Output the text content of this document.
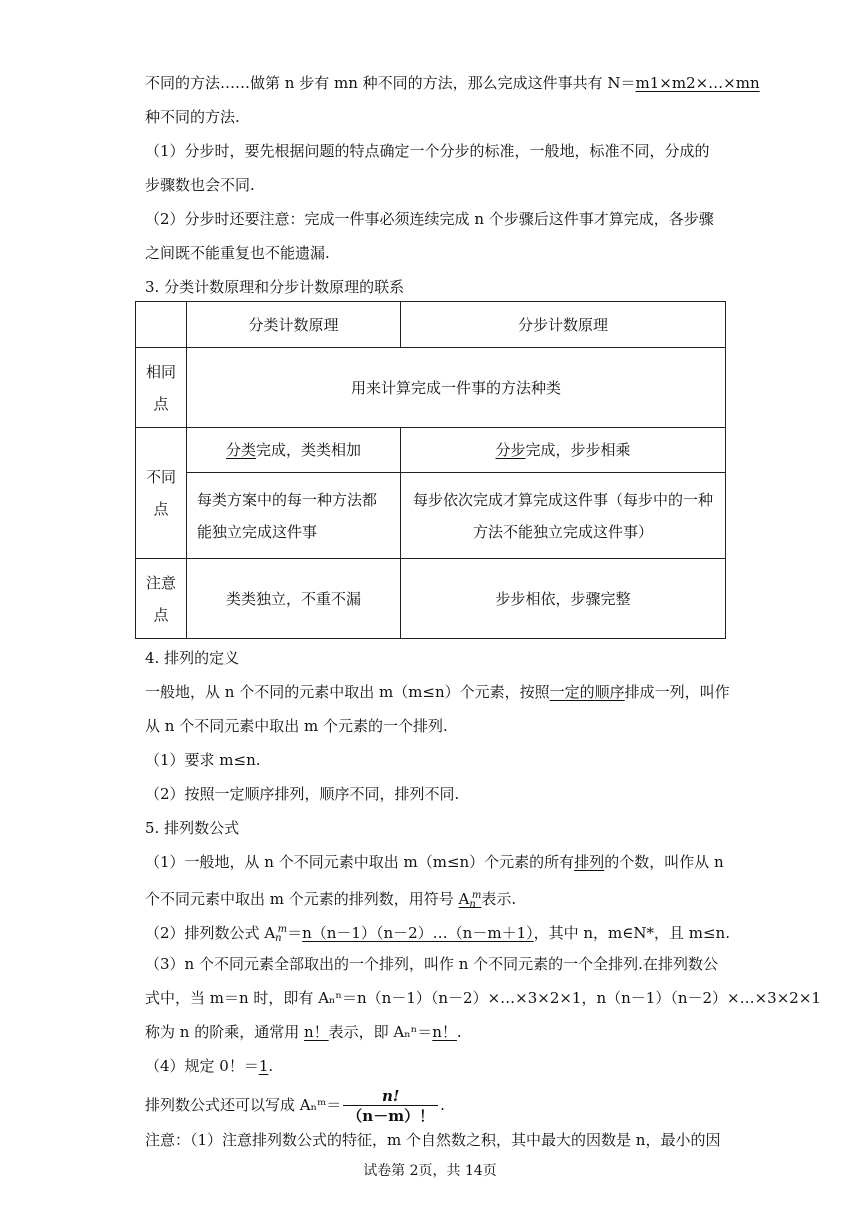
不同的方法……做第 n 步有 mn 种不同的方法，那么完成这件事共有 N＝m1×m2×…×mn
种不同的方法.
（1）分步时，要先根据问题的特点确定一个分步的标准，一般地，标准不同，分成的
步骤数也会不同.
（2）分步时还要注意：完成一件事必须连续完成 n 个步骤后这件事才算完成，各步骤
之间既不能重复也不能遗漏.
3. 分类计数原理和分步计数原理的联系
	分类计数原理	分步计数原理
相同点	用来计算完成一件事的方法种类	
不同点	分类完成，类类相加	分步完成，步步相乘
	每类方案中的每一种方法都能独立完成这件事	每步依次完成才算完成这件事（每步中的一种方法不能独立完成这件事）
注意点	类类独立，不重不漏	步步相依，步骤完整
4. 排列的定义
一般地，从 n 个不同的元素中取出 m（m≤n）个元素，按照一定的顺序排成一列，叫作
从 n 个不同元素中取出 m 个元素的一个排列.
（1）要求 m≤n.
（2）按照一定顺序排列，顺序不同，排列不同.
5. 排列数公式
（1）一般地，从 n 个不同元素中取出 m（m≤n）个元素的所有排列的个数，叫作从 n
个不同元素中取出 m 个元素的排列数，用符号 $A_n^m$表示.
（2）排列数公式 $A_n^m=n(n-1)(n-2)\dots(n-m+1)$，其中 n，m∈N*，且 m≤n.
（3）n 个不同元素全部取出的一个排列，叫作 n 个不同元素的一个全排列.在排列数公
式中，当 m＝n 时，即有 Aₙⁿ＝n（n－1）（n－2）×…×3×2×1，n（n－1）（n－2）×…×3×2×1
称为 n 的阶乘，通常用 n！表示，即 Aₙⁿ＝n！.
（4）规定 0！＝1.
排列数公式还可以写成 Aₙᵐ＝ $\frac{n!}{(n-m)!}$ .
注意：（1）注意排列数公式的特征，m 个自然数之积，其中最大的因数是 n，最小的因
试卷第 2页，共 14页
